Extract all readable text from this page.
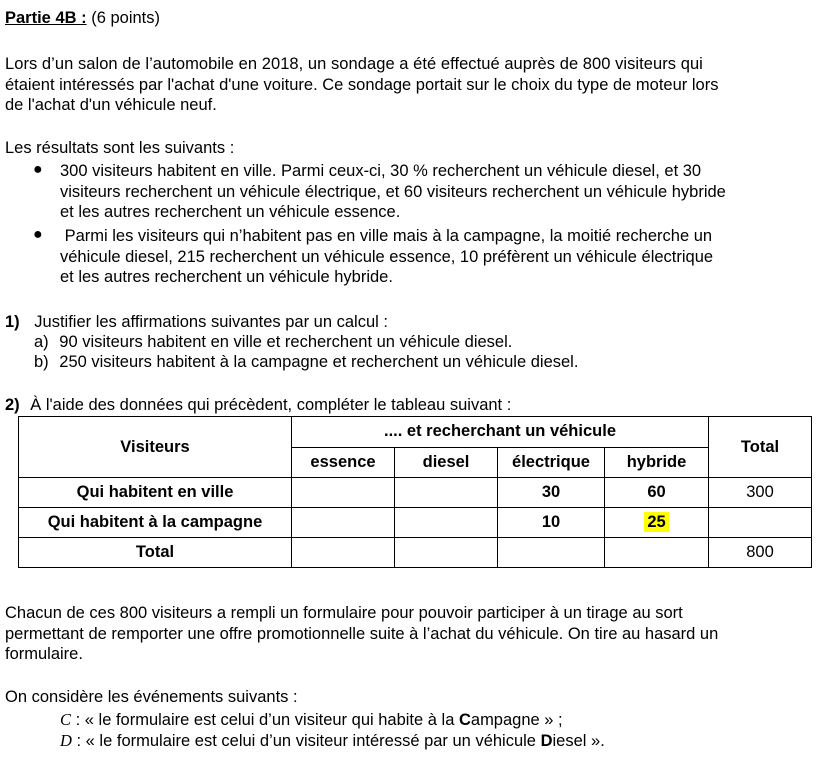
Partie 4B : (6 points)
Lors d’un salon de l’automobile en 2018, un sondage a été effectué auprès de 800 visiteurs qui
étaient intéressés par l'achat d'une voiture. Ce sondage portait sur le choix du type de moteur lors
de l'achat d'un véhicule neuf.
Les résultats sont les suivants :
● 300 visiteurs habitent en ville. Parmi ceux-ci, 30 % recherchent un véhicule diesel, et 30
visiteurs recherchent un véhicule électrique, et 60 visiteurs recherchent un véhicule hybride
et les autres recherchent un véhicule essence.
● Parmi les visiteurs qui n’habitent pas en ville mais à la campagne, la moitié recherche un
véhicule diesel, 215 recherchent un véhicule essence, 10 préfèrent un véhicule électrique
et les autres recherchent un véhicule hybride.
1) Justifier les affirmations suivantes par un calcul :
a) 90 visiteurs habitent en ville et recherchent un véhicule diesel.
b) 250 visiteurs habitent à la campagne et recherchent un véhicule diesel.
2) À l'aide des données qui précèdent, compléter le tableau suivant :
Visiteurs	.... et recherchant un véhicule				Total
	essence	diesel	électrique	hybride	
Qui habitent en ville			30	60	300
Qui habitent à la campagne			10	25	
Total					800
Chacun de ces 800 visiteurs a rempli un formulaire pour pouvoir participer à un tirage au sort
permettant de remporter une offre promotionnelle suite à l’achat du véhicule. On tire au hasard un
formulaire.
On considère les événements suivants :
C : « le formulaire est celui d’un visiteur qui habite à la Campagne » ;
D : « le formulaire est celui d’un visiteur intéressé par un véhicule Diesel ».
